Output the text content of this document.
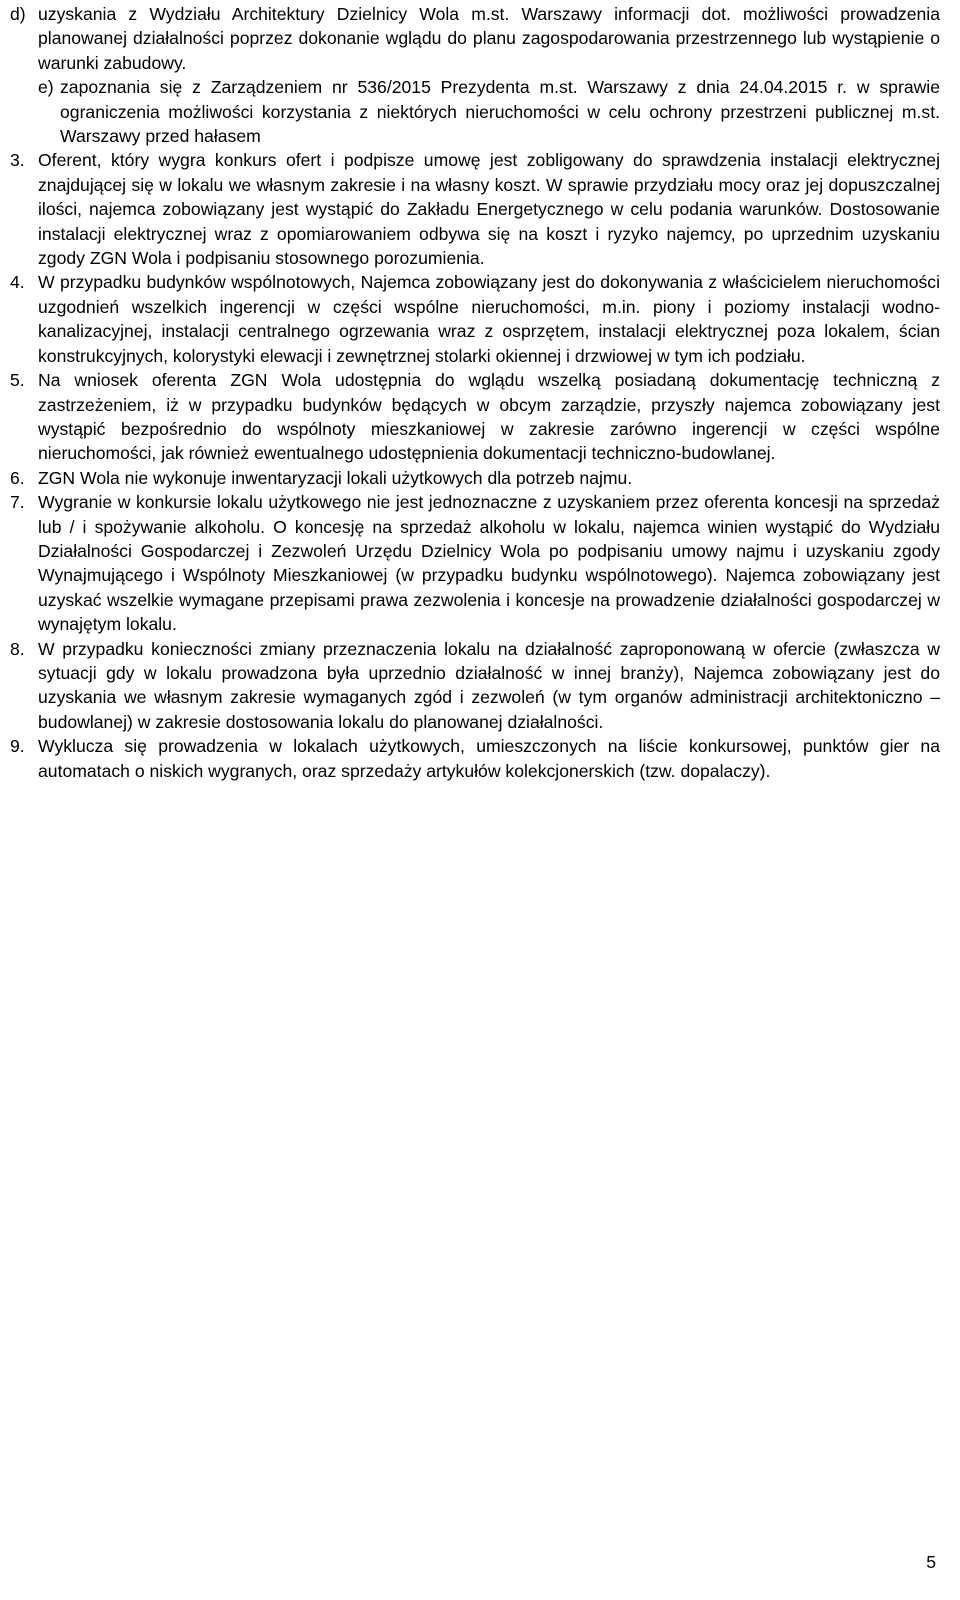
d) uzyskania z Wydziału Architektury Dzielnicy Wola m.st. Warszawy informacji dot. możliwości prowadzenia planowanej działalności poprzez dokonanie wglądu do planu zagospodarowania przestrzennego lub wystąpienie o warunki zabudowy.
e) zapoznania się z Zarządzeniem nr 536/2015 Prezydenta m.st. Warszawy z dnia 24.04.2015 r. w sprawie ograniczenia możliwości korzystania z niektórych nieruchomości w celu ochrony przestrzeni publicznej m.st. Warszawy przed hałasem
3. Oferent, który wygra konkurs ofert i podpisze umowę jest zobligowany do sprawdzenia instalacji elektrycznej znajdującej się w lokalu we własnym zakresie i na własny koszt. W sprawie przydziału mocy oraz jej dopuszczalnej ilości, najemca zobowiązany jest wystąpić do Zakładu Energetycznego w celu podania warunków. Dostosowanie instalacji elektrycznej wraz z opomiarowaniem odbywa się na koszt i ryzyko najemcy, po uprzednim uzyskaniu zgody ZGN Wola i podpisaniu stosownego porozumienia.
4. W przypadku budynków wspólnotowych, Najemca zobowiązany jest do dokonywania z właścicielem nieruchomości uzgodnień wszelkich ingerencji w części wspólne nieruchomości, m.in. piony i poziomy instalacji wodno-kanalizacyjnej, instalacji centralnego ogrzewania wraz z osprzętem, instalacji elektrycznej poza lokalem, ścian konstrukcyjnych, kolorystyki elewacji i zewnętrznej stolarki okiennej i drzwiowej w tym ich podziału.
5. Na wniosek oferenta ZGN Wola udostępnia do wglądu wszelką posiadaną dokumentację techniczną z zastrzeżeniem, iż w przypadku budynków będących w obcym zarządzie, przyszły najemca zobowiązany jest wystąpić bezpośrednio do wspólnoty mieszkaniowej w zakresie zarówno ingerencji w części wspólne nieruchomości, jak również ewentualnego udostępnienia dokumentacji techniczno-budowlanej.
6. ZGN Wola nie wykonuje inwentaryzacji lokali użytkowych dla potrzeb najmu.
7. Wygranie w konkursie lokalu użytkowego nie jest jednoznaczne z uzyskaniem przez oferenta koncesji na sprzedaż lub / i spożywanie alkoholu. O koncesję na sprzedaż alkoholu w lokalu, najemca winien wystąpić do Wydziału Działalności Gospodarczej i Zezwoleń Urzędu Dzielnicy Wola po podpisaniu umowy najmu i uzyskaniu zgody Wynajmującego i Wspólnoty Mieszkaniowej (w przypadku budynku wspólnotowego). Najemca zobowiązany jest uzyskać wszelkie wymagane przepisami prawa zezwolenia i koncesje na prowadzenie działalności gospodarczej w wynajętym lokalu.
8. W przypadku konieczności zmiany przeznaczenia lokalu na działalność zaproponowaną w ofercie (zwłaszcza w sytuacji gdy w lokalu prowadzona była uprzednio działalność w innej branży), Najemca zobowiązany jest do uzyskania we własnym zakresie wymaganych zgód i zezwoleń (w tym organów administracji architektoniczno – budowlanej) w zakresie dostosowania lokalu do planowanej działalności.
9. Wyklucza się prowadzenia w lokalach użytkowych, umieszczonych na liście konkursowej, punktów gier na automatach o niskich wygranych, oraz sprzedaży artykułów kolekcjonerskich (tzw. dopalaczy).
5
